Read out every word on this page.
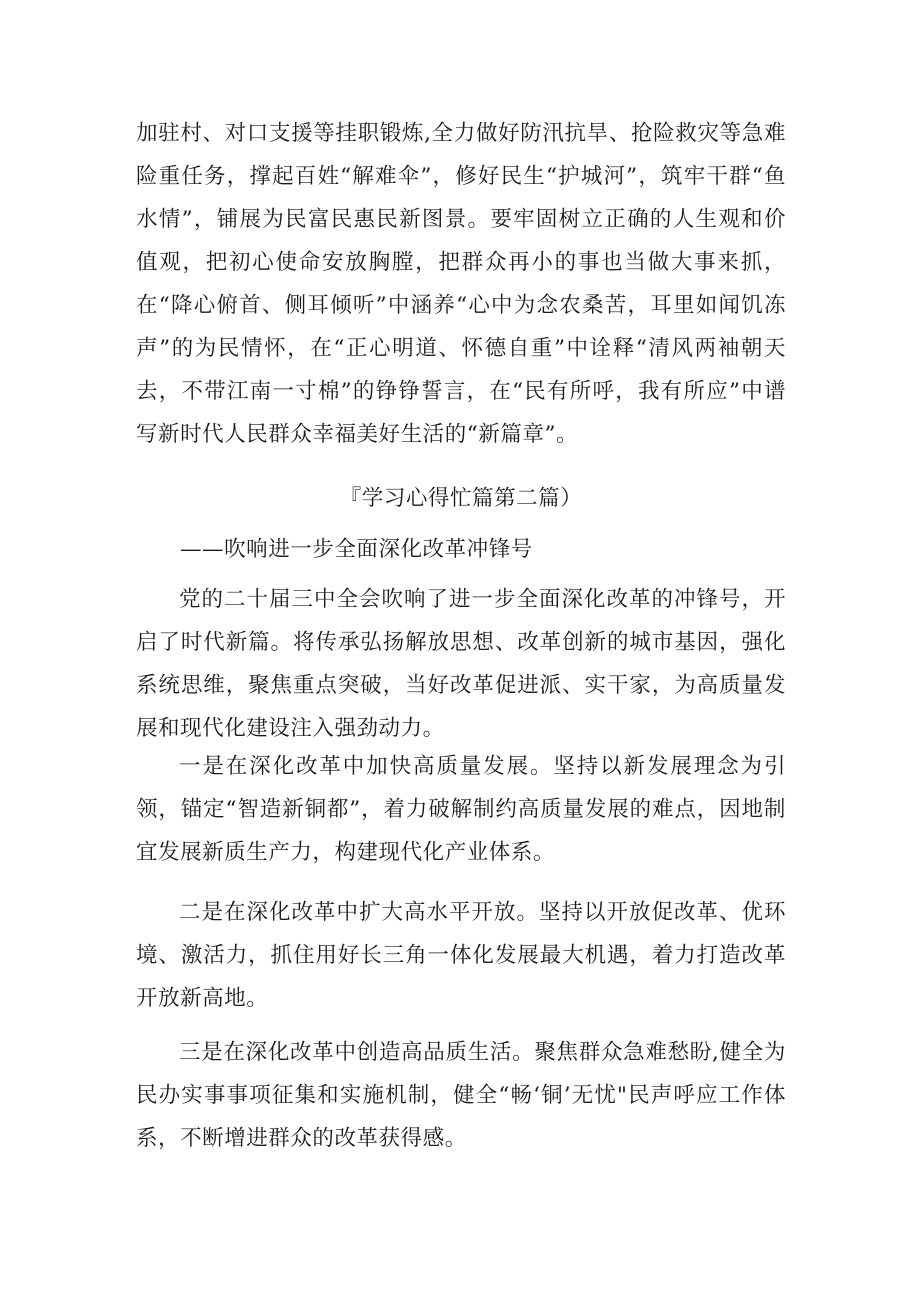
加驻村、对口支援等挂职锻炼,全力做好防汛抗旱、抢险救灾等急难险重任务，撑起百姓“解难伞”，修好民生“护城河”，筑牢干群“鱼水情”，铺展为民富民惠民新图景。要牢固树立正确的人生观和价值观，把初心使命安放胸膛，把群众再小的事也当做大事来抓，在“降心俯首、侧耳倾听”中涵养“心中为念农桑苦，耳里如闻饥冻声”的为民情怀，在“正心明道、怀德自重”中诠释“清风两袖朝天去，不带江南一寸棉”的铮铮誓言，在“民有所呼，我有所应”中谱写新时代人民群众幸福美好生活的“新篇章”。

『学习心得忙篇第二篇）
——吹响进一步全面深化改革冲锋号

党的二十届三中全会吹响了进一步全面深化改革的冲锋号，开启了时代新篇。将传承弘扬解放思想、改革创新的城市基因，强化系统思维，聚焦重点突破，当好改革促进派、实干家，为高质量发展和现代化建设注入强劲动力。

一是在深化改革中加快高质量发展。坚持以新发展理念为引领，锚定“智造新铜都”，着力破解制约高质量发展的难点，因地制宜发展新质生产力，构建现代化产业体系。

二是在深化改革中扩大高水平开放。坚持以开放促改革、优环境、激活力，抓住用好长三角一体化发展最大机遇，着力打造改革开放新高地。

三是在深化改革中创造高品质生活。聚焦群众急难愁盼,健全为民办实事事项征集和实施机制，健全“畅‘铜’无忧"民声呼应工作体系，不断增进群众的改革获得感。
